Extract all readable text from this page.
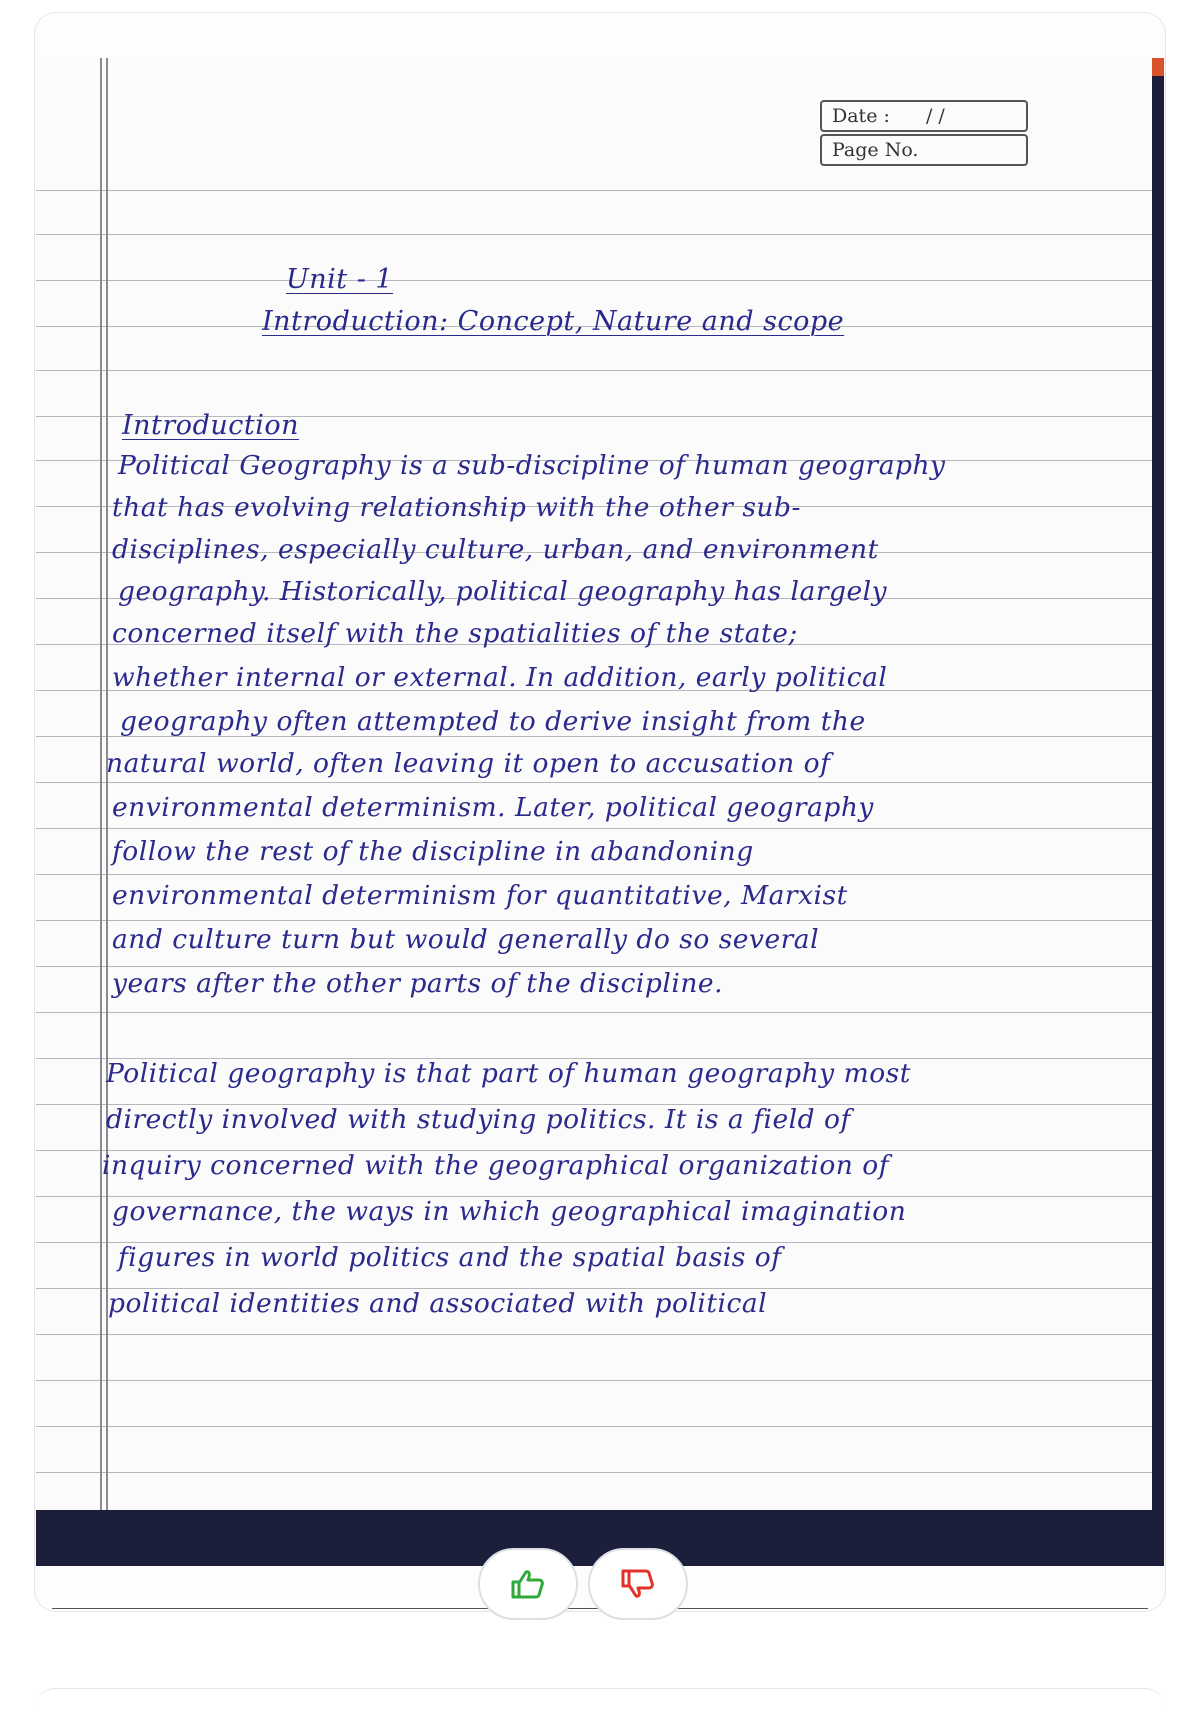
Date : / /
Page No.
Unit - 1
Introduction: Concept, Nature and scope
Introduction
Political Geography is a sub-discipline of human geography
that has evolving relationship with the other sub-
disciplines, especially culture, urban, and environment
geography. Historically, political geography has largely
concerned itself with the spatialities of the state;
whether internal or external. In addition, early political
geography often attempted to derive insight from the
natural world, often leaving it open to accusation of
environmental determinism. Later, political geography
follow the rest of the discipline in abandoning
environmental determinism for quantitative, Marxist
and culture turn but would generally do so several
years after the other parts of the discipline.
Political geography is that part of human geography most
directly involved with studying politics. It is a field of
inquiry concerned with the geographical organization of
governance, the ways in which geographical imagination
figures in world politics and the spatial basis of
political identities and associated with political
